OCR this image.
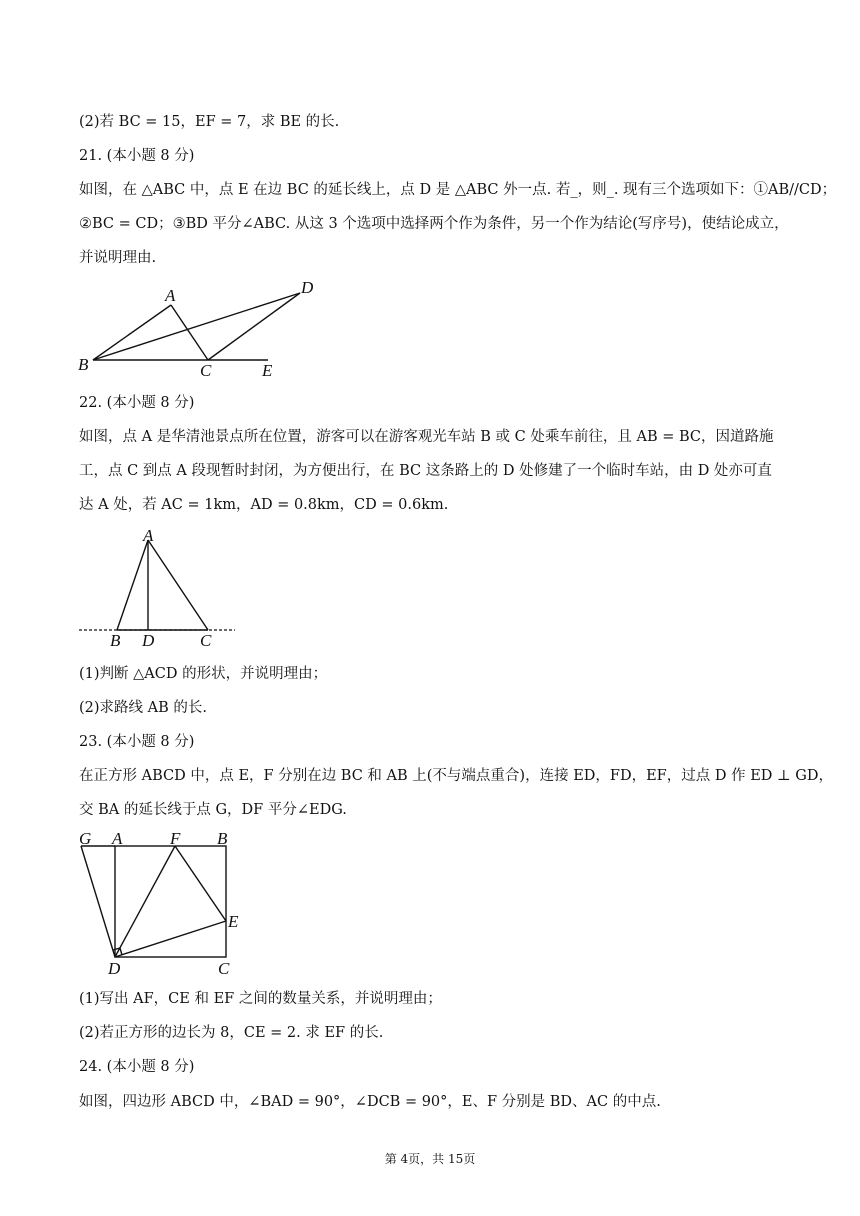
(2)若 BC = 15，EF = 7，求 BE 的长.
21. (本小题 8 分)
如图，在 △ABC 中，点 E 在边 BC 的延长线上，点 D 是 △ABC 外一点. 若_，则_. 现有三个选项如下：①AB//CD；
②BC = CD；③BD 平分∠ABC. 从这 3 个选项中选择两个作为条件，另一个作为结论(写序号)，使结论成立，
并说明理由.
A
B	C
D
E
22. (本小题 8 分)
如图，点 A 是华清池景点所在位置，游客可以在游客观光车站 B 或 C 处乘车前往，且 AB = BC，因道路施
工，点 C 到点 A 段现暂时封闭，为方便出行，在 BC 这条路上的 D 处修建了一个临时车站，由 D 处亦可直
达 A 处，若 AC = 1km，AD = 0.8km，CD = 0.6km.
A
B D	C
(1)判断 △ACD 的形状，并说明理由；
(2)求路线 AB 的长.
23. (本小题 8 分)
在正方形 ABCD 中，点 E，F 分别在边 BC 和 AB 上(不与端点重合)，连接 ED，FD，EF，过点 D 作 ED ⊥ GD，
交 BA 的延长线于点 G，DF 平分∠EDG.
G A	F B
E
D	C
(1)写出 AF，CE 和 EF 之间的数量关系，并说明理由；
(2)若正方形的边长为 8，CE = 2. 求 EF 的长.
24. (本小题 8 分)
如图，四边形 ABCD 中，∠BAD = 90°，∠DCB = 90°，E、F 分别是 BD、AC 的中点.
第 4页，共 15页
